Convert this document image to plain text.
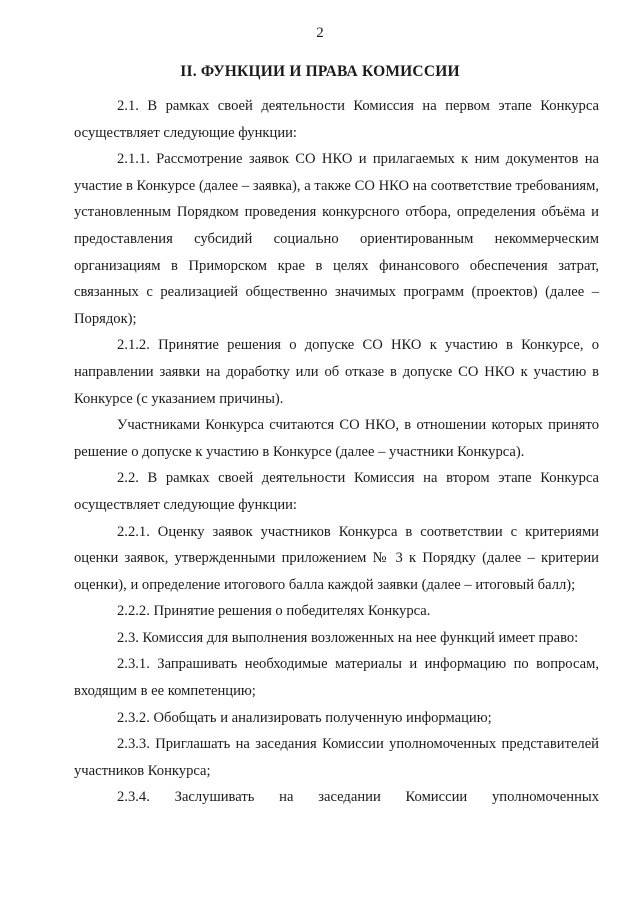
2
II. ФУНКЦИИ И ПРАВА КОМИССИИ

2.1. В рамках своей деятельности Комиссия на первом этапе Конкурса осуществляет следующие функции:

2.1.1. Рассмотрение заявок СО НКО и прилагаемых к ним документов на участие в Конкурсе (далее – заявка), а также СО НКО на соответствие требованиям, установленным Порядком проведения конкурсного отбора, определения объёма и предоставления субсидий социально ориентированным некоммерческим организациям в Приморском крае в целях финансового обеспечения затрат, связанных с реализацией общественно значимых программ (проектов) (далее – Порядок);

2.1.2. Принятие решения о допуске СО НКО к участию в Конкурсе, о направлении заявки на доработку или об отказе в допуске СО НКО к участию в Конкурсе (с указанием причины).

Участниками Конкурса считаются СО НКО, в отношении которых принято решение о допуске к участию в Конкурсе (далее – участники Конкурса).

2.2. В рамках своей деятельности Комиссия на втором этапе Конкурса осуществляет следующие функции:

2.2.1. Оценку заявок участников Конкурса в соответствии с критериями оценки заявок, утвержденными приложением № 3 к Порядку (далее – критерии оценки), и определение итогового балла каждой заявки (далее – итоговый балл);

2.2.2. Принятие решения о победителях Конкурса.

2.3. Комиссия для выполнения возложенных на нее функций имеет право:

2.3.1. Запрашивать необходимые материалы и информацию по вопросам, входящим в ее компетенцию;

2.3.2. Обобщать и анализировать полученную информацию;

2.3.3. Приглашать на заседания Комиссии уполномоченных представителей участников Конкурса;

2.3.4. Заслушивать на заседании Комиссии уполномоченных
